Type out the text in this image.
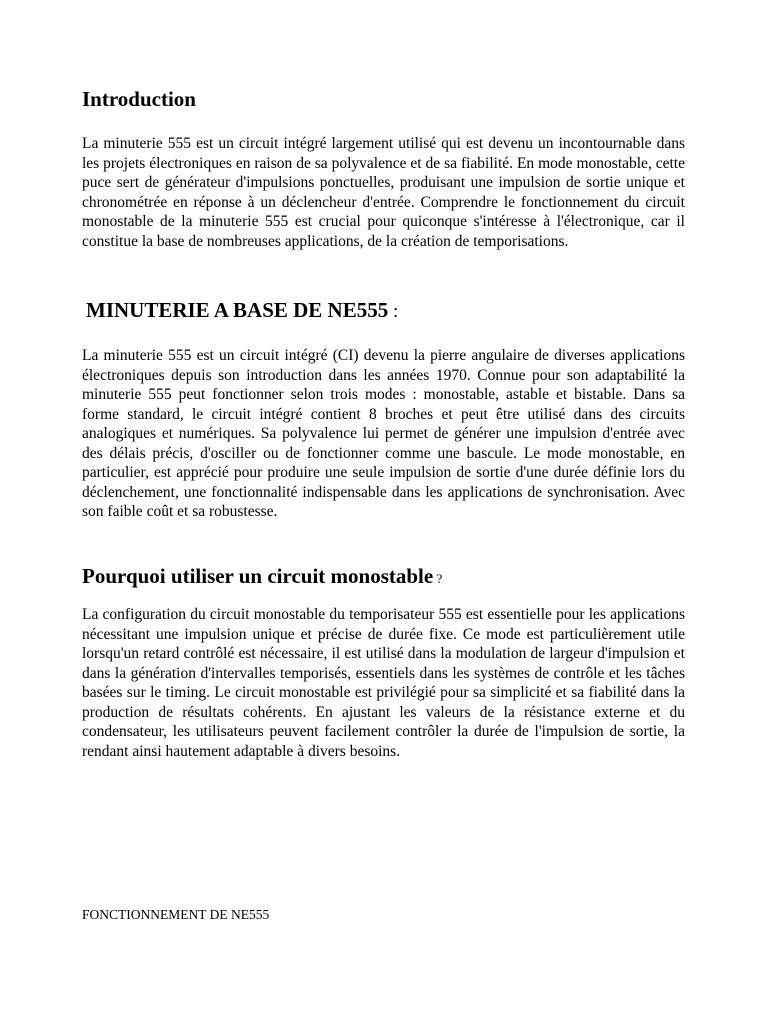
Introduction

La minuterie 555 est un circuit intégré largement utilisé qui est devenu un incontournable dans les projets électroniques en raison de sa polyvalence et de sa fiabilité. En mode monostable, cette puce sert de générateur d'impulsions ponctuelles, produisant une impulsion de sortie unique et chronométrée en réponse à un déclencheur d'entrée. Comprendre le fonctionnement du circuit monostable de la minuterie 555 est crucial pour quiconque s'intéresse à l'électronique, car il constitue la base de nombreuses applications, de la création de temporisations.

MINUTERIE A BASE DE NE555 :

La minuterie 555 est un circuit intégré (CI) devenu la pierre angulaire de diverses applications électroniques depuis son introduction dans les années 1970. Connue pour son adaptabilité la minuterie 555 peut fonctionner selon trois modes : monostable, astable et bistable. Dans sa forme standard, le circuit intégré contient 8 broches et peut être utilisé dans des circuits analogiques et numériques. Sa polyvalence lui permet de générer une impulsion d'entrée avec des délais précis, d'osciller ou de fonctionner comme une bascule. Le mode monostable, en particulier, est apprécié pour produire une seule impulsion de sortie d'une durée définie lors du déclenchement, une fonctionnalité indispensable dans les applications de synchronisation. Avec son faible coût et sa robustesse.

Pourquoi utiliser un circuit monostable ?

La configuration du circuit monostable du temporisateur 555 est essentielle pour les applications nécessitant une impulsion unique et précise de durée fixe. Ce mode est particulièrement utile lorsqu'un retard contrôlé est nécessaire, il est utilisé dans la modulation de largeur d'impulsion et dans la génération d'intervalles temporisés, essentiels dans les systèmes de contrôle et les tâches basées sur le timing. Le circuit monostable est privilégié pour sa simplicité et sa fiabilité dans la production de résultats cohérents. En ajustant les valeurs de la résistance externe et du condensateur, les utilisateurs peuvent facilement contrôler la durée de l'impulsion de sortie, la rendant ainsi hautement adaptable à divers besoins.

FONCTIONNEMENT DE NE555
